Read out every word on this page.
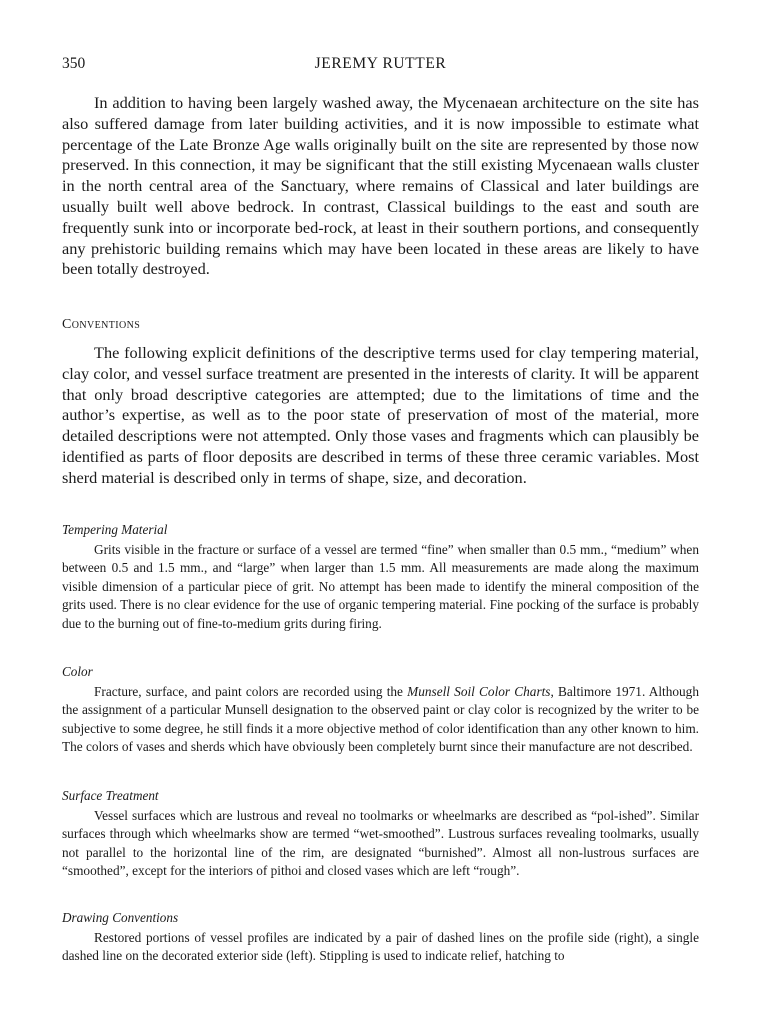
350	JEREMY RUTTER

In addition to having been largely washed away, the Mycenaean architecture on the site has also suffered damage from later building activities, and it is now impossible to estimate what percentage of the Late Bronze Age walls originally built on the site are represented by those now preserved. In this connection, it may be significant that the still existing Mycenaean walls cluster in the north central area of the Sanctuary, where remains of Classical and later buildings are usually built well above bedrock. In contrast, Classical buildings to the east and south are frequently sunk into or incorporate bed-rock, at least in their southern portions, and consequently any prehistoric building remains which may have been located in these areas are likely to have been totally destroyed.

Conventions

The following explicit definitions of the descriptive terms used for clay tempering material, clay color, and vessel surface treatment are presented in the interests of clarity. It will be apparent that only broad descriptive categories are attempted; due to the limitations of time and the author’s expertise, as well as to the poor state of preservation of most of the material, more detailed descriptions were not attempted. Only those vases and fragments which can plausibly be identified as parts of floor deposits are described in terms of these three ceramic variables. Most sherd material is described only in terms of shape, size, and decoration.

Tempering Material

Grits visible in the fracture or surface of a vessel are termed “fine” when smaller than 0.5 mm., “medium” when between 0.5 and 1.5 mm., and “large” when larger than 1.5 mm. All measurements are made along the maximum visible dimension of a particular piece of grit. No attempt has been made to identify the mineral composition of the grits used. There is no clear evidence for the use of organic tempering material. Fine pocking of the surface is probably due to the burning out of fine-to-medium grits during firing.

Color

Fracture, surface, and paint colors are recorded using the Munsell Soil Color Charts, Baltimore 1971. Although the assignment of a particular Munsell designation to the observed paint or clay color is recognized by the writer to be subjective to some degree, he still finds it a more objective method of color identification than any other known to him. The colors of vases and sherds which have obviously been completely burnt since their manufacture are not described.

Surface Treatment

Vessel surfaces which are lustrous and reveal no toolmarks or wheelmarks are described as “pol-ished”. Similar surfaces through which wheelmarks show are termed “wet-smoothed”. Lustrous surfaces revealing toolmarks, usually not parallel to the horizontal line of the rim, are designated “burnished”. Almost all non-lustrous surfaces are “smoothed”, except for the interiors of pithoi and closed vases which are left “rough”.

Drawing Conventions

Restored portions of vessel profiles are indicated by a pair of dashed lines on the profile side (right), a single dashed line on the decorated exterior side (left). Stippling is used to indicate relief, hatching to
